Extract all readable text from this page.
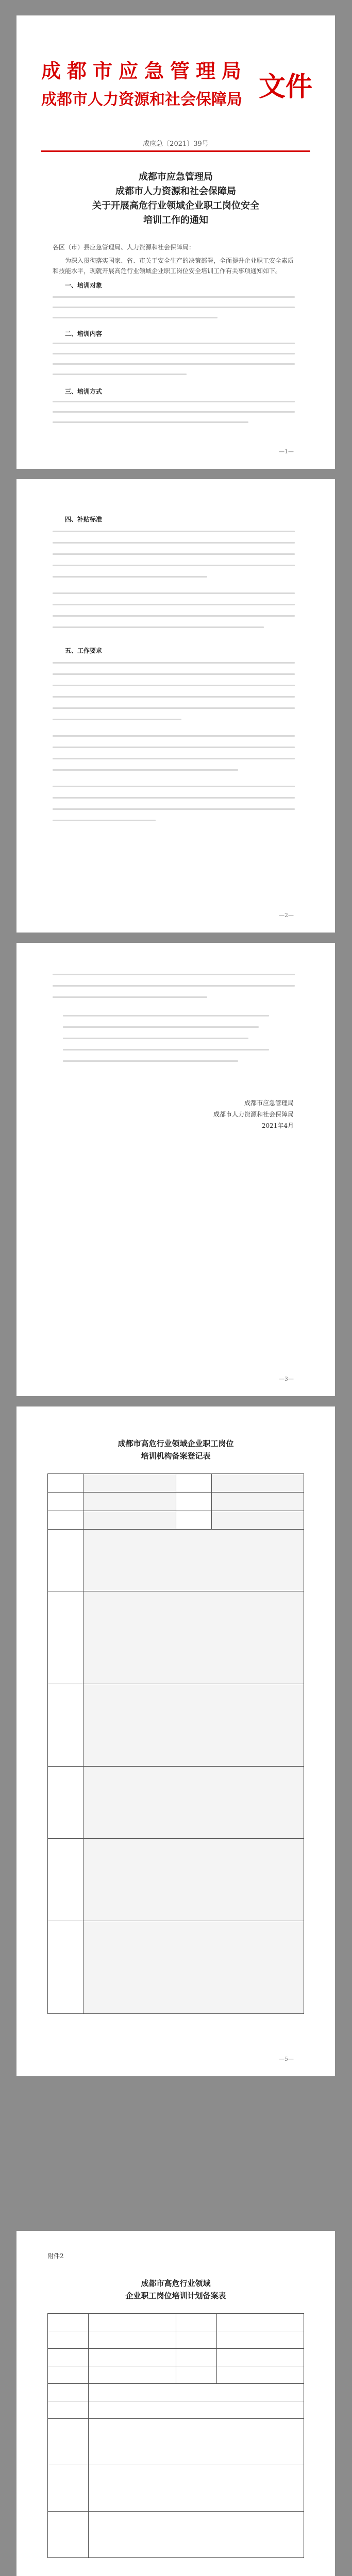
成都市应急管理局
成都市人力资源和社会保障局 文件
成应急〔2021〕39号
成都市应急管理局
成都市人力资源和社会保障局
关于开展高危行业领域企业职工岗位安全
培训工作的通知

各区（市）县应急管理局、人力资源和社会保障局：

为深入贯彻落实国家、省、市关于安全生产的决策部署，全面提升企业职工安全素质和技能水平，现就开展高危行业领域企业职工岗位安全培训工作有关事项通知如下。

一、培训对象
二、培训内容
三、培训方式
—1—
四、补贴标准
五、工作要求
—2—
成都市应急管理局
成都市人力资源和社会保障局
2021年4月
—3—
成都市高危行业领域企业职工岗位
培训机构备案登记表

—5—
附件2
成都市高危行业领域
企业职工岗位培训计划备案表
